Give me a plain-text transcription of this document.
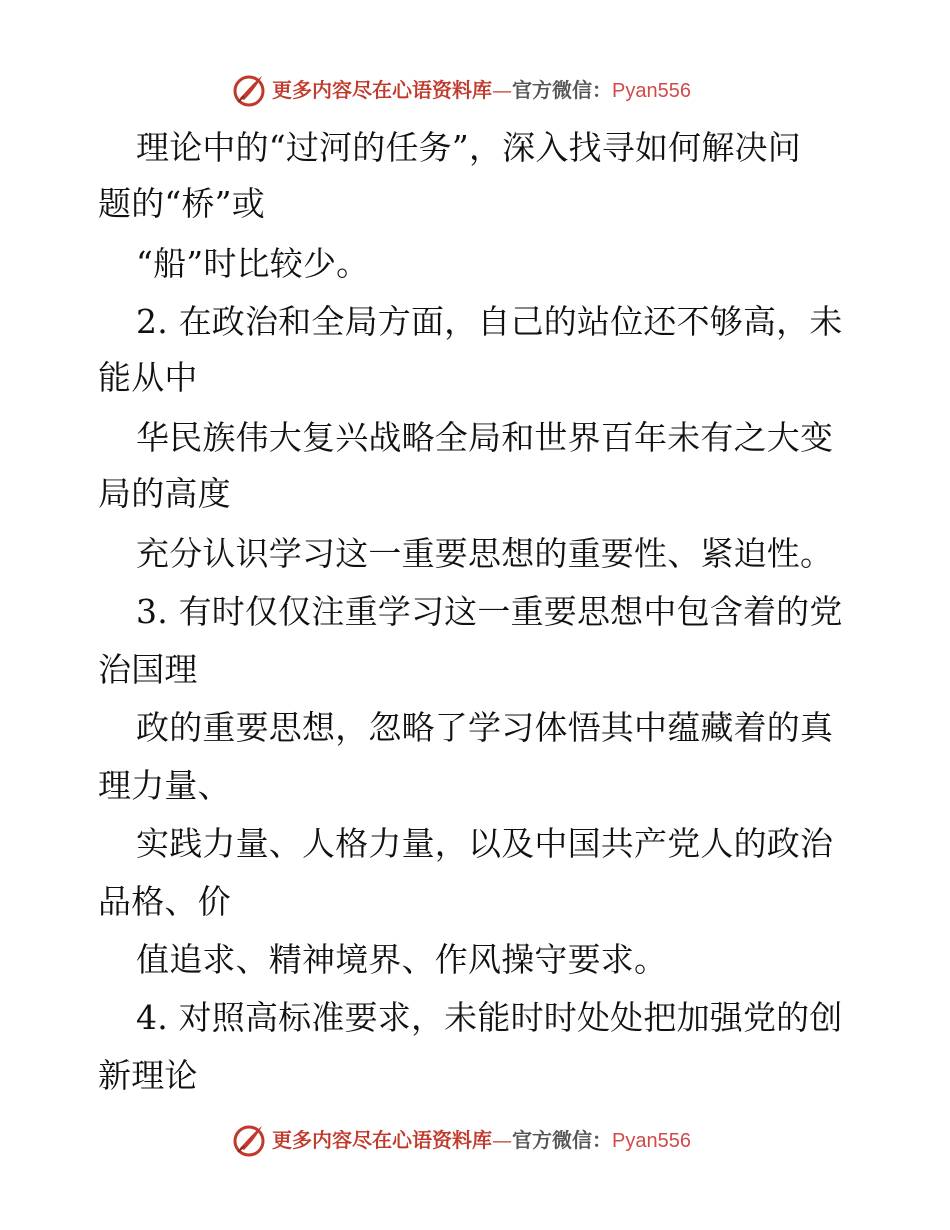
更多内容尽在心语资料库—官方微信：Pyan556
理论中的“过河的任务”，深入找寻如何解决问
题的“桥”或
“船”时比较少。
2. 在政治和全局方面，自己的站位还不够高，未
能从中
华民族伟大复兴战略全局和世界百年未有之大变
局的高度
充分认识学习这一重要思想的重要性、紧迫性。
3. 有时仅仅注重学习这一重要思想中包含着的党
治国理
政的重要思想，忽略了学习体悟其中蕴藏着的真
理力量、
实践力量、人格力量，以及中国共产党人的政治
品格、价
值追求、精神境界、作风操守要求。
4. 对照高标准要求，未能时时处处把加强党的创
新理论
更多内容尽在心语资料库—官方微信：Pyan556
